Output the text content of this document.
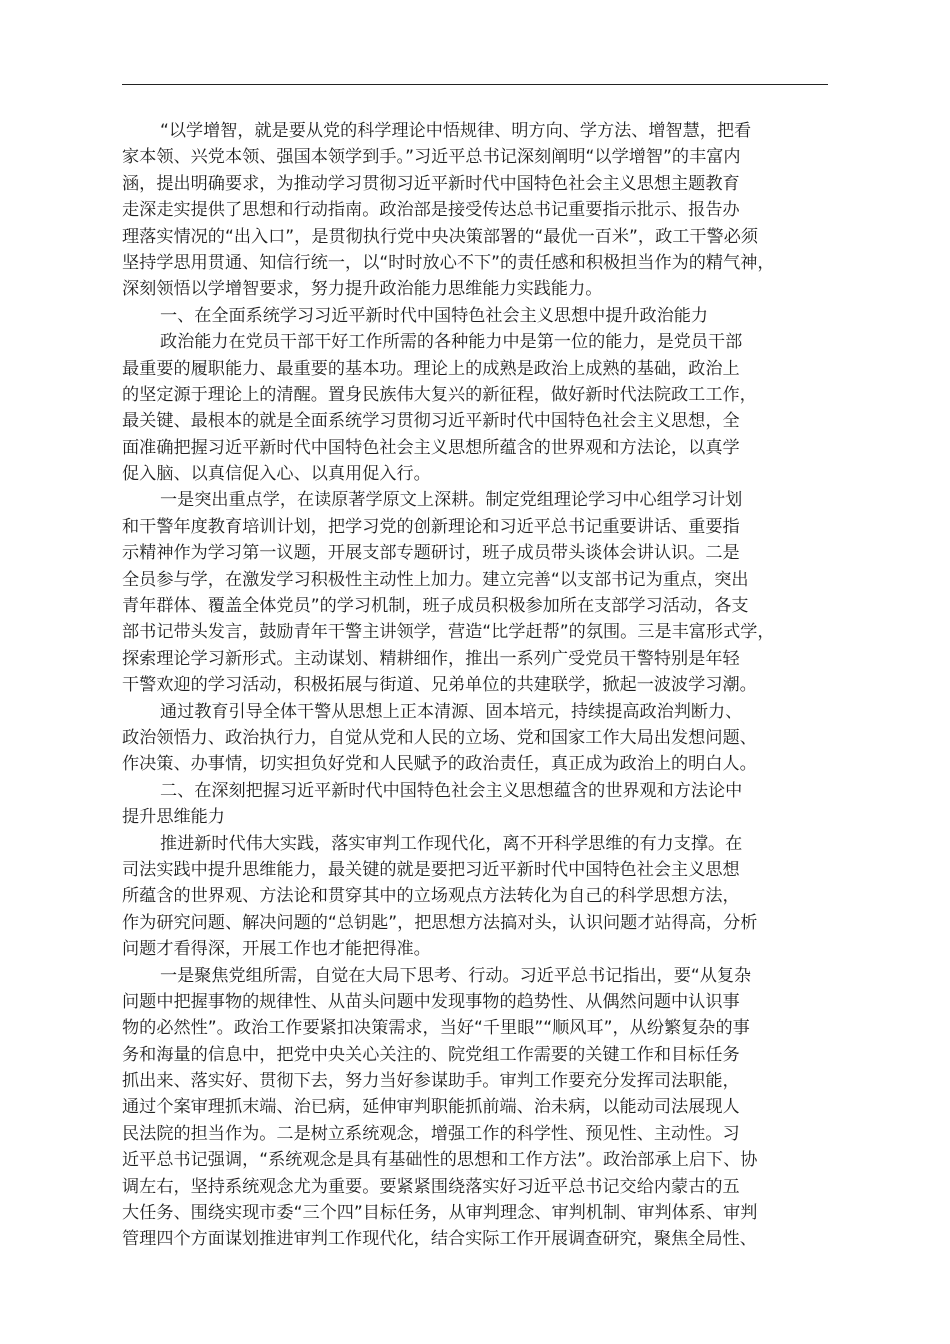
“以学增智，就是要从党的科学理论中悟规律、明方向、学方法、增智慧，把看
家本领、兴党本领、强国本领学到手。”习近平总书记深刻阐明“以学增智”的丰富内
涵，提出明确要求，为推动学习贯彻习近平新时代中国特色社会主义思想主题教育
走深走实提供了思想和行动指南。政治部是接受传达总书记重要指示批示、报告办
理落实情况的“出入口”，是贯彻执行党中央决策部署的“最优一百米”，政工干警必须
坚持学思用贯通、知信行统一，以“时时放心不下”的责任感和积极担当作为的精气神，
深刻领悟以学增智要求，努力提升政治能力思维能力实践能力。
一、在全面系统学习习近平新时代中国特色社会主义思想中提升政治能力
政治能力在党员干部干好工作所需的各种能力中是第一位的能力，是党员干部
最重要的履职能力、最重要的基本功。理论上的成熟是政治上成熟的基础，政治上
的坚定源于理论上的清醒。置身民族伟大复兴的新征程，做好新时代法院政工工作，
最关键、最根本的就是全面系统学习贯彻习近平新时代中国特色社会主义思想，全
面准确把握习近平新时代中国特色社会主义思想所蕴含的世界观和方法论，以真学
促入脑、以真信促入心、以真用促入行。
一是突出重点学，在读原著学原文上深耕。制定党组理论学习中心组学习计划
和干警年度教育培训计划，把学习党的创新理论和习近平总书记重要讲话、重要指
示精神作为学习第一议题，开展支部专题研讨，班子成员带头谈体会讲认识。二是
全员参与学，在激发学习积极性主动性上加力。建立完善“以支部书记为重点，突出
青年群体、覆盖全体党员”的学习机制，班子成员积极参加所在支部学习活动，各支
部书记带头发言，鼓励青年干警主讲领学，营造“比学赶帮”的氛围。三是丰富形式学，
探索理论学习新形式。主动谋划、精耕细作，推出一系列广受党员干警特别是年轻
干警欢迎的学习活动，积极拓展与街道、兄弟单位的共建联学，掀起一波波学习潮。
通过教育引导全体干警从思想上正本清源、固本培元，持续提高政治判断力、
政治领悟力、政治执行力，自觉从党和人民的立场、党和国家工作大局出发想问题、
作决策、办事情，切实担负好党和人民赋予的政治责任，真正成为政治上的明白人。
二、在深刻把握习近平新时代中国特色社会主义思想蕴含的世界观和方法论中
提升思维能力
推进新时代伟大实践，落实审判工作现代化，离不开科学思维的有力支撑。在
司法实践中提升思维能力，最关键的就是要把习近平新时代中国特色社会主义思想
所蕴含的世界观、方法论和贯穿其中的立场观点方法转化为自己的科学思想方法，
作为研究问题、解决问题的“总钥匙”，把思想方法搞对头，认识问题才站得高，分析
问题才看得深，开展工作也才能把得准。
一是聚焦党组所需，自觉在大局下思考、行动。习近平总书记指出，要“从复杂
问题中把握事物的规律性、从苗头问题中发现事物的趋势性、从偶然问题中认识事
物的必然性”。政治工作要紧扣决策需求，当好“千里眼”“顺风耳”，从纷繁复杂的事
务和海量的信息中，把党中央关心关注的、院党组工作需要的关键工作和目标任务
抓出来、落实好、贯彻下去，努力当好参谋助手。审判工作要充分发挥司法职能，
通过个案审理抓末端、治已病，延伸审判职能抓前端、治未病，以能动司法展现人
民法院的担当作为。二是树立系统观念，增强工作的科学性、预见性、主动性。习
近平总书记强调，“系统观念是具有基础性的思想和工作方法”。政治部承上启下、协
调左右，坚持系统观念尤为重要。要紧紧围绕落实好习近平总书记交给内蒙古的五
大任务、围绕实现市委“三个四”目标任务，从审判理念、审判机制、审判体系、审判
管理四个方面谋划推进审判工作现代化，结合实际工作开展调查研究，聚焦全局性、
